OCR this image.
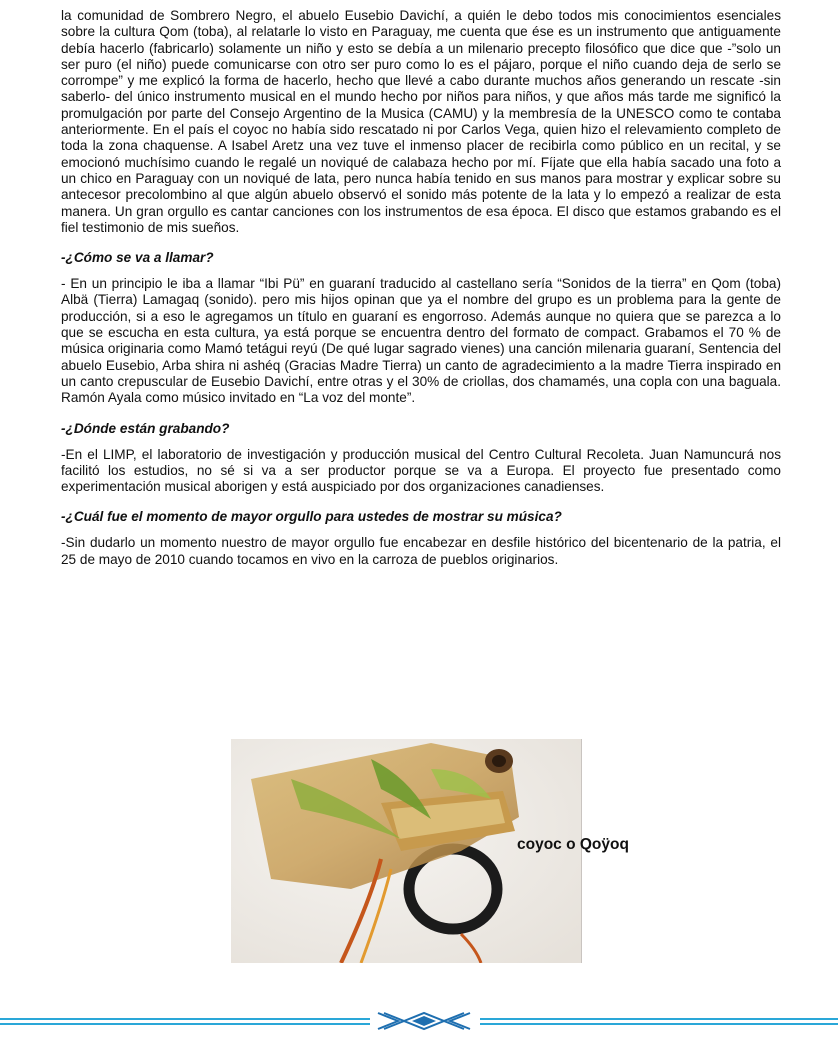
la comunidad de Sombrero Negro, el abuelo Eusebio Davichí, a quién le debo todos mis conocimientos esenciales sobre la cultura Qom (toba), al relatarle lo visto en Paraguay, me cuenta que ése es un instrumento que antiguamente debía hacerlo (fabricarlo) solamente un niño y esto se debía a un milenario precepto filosófico que dice que -”solo un ser puro (el niño) puede comunicarse con otro ser puro como lo es el pájaro, porque el niño cuando deja de serlo se corrompe” y me explicó la forma de hacerlo, hecho que llevé a cabo durante muchos años generando un rescate -sin saberlo- del único instrumento musical en el mundo hecho por niños para niños, y que años más tarde me significó la promulgación por parte del Consejo Argentino de la Musica (CAMU) y la membresía de la UNESCO como te contaba anteriormente. En el país el coyoc no había sido rescatado ni por Carlos Vega, quien hizo el relevamiento completo de toda la zona chaquense. A Isabel Aretz una vez tuve el inmenso placer de recibirla como público en un recital, y se emocionó muchísimo cuando le regalé un noviqué de calabaza hecho por mí. Fíjate que ella había sacado una foto a un chico en Paraguay con un noviqué de lata, pero nunca había tenido en sus manos para mostrar y explicar sobre su antecesor precolombino al que algún abuelo observó el sonido más potente de la lata y lo empezó a realizar de esta manera. Un gran orgullo es cantar canciones con los instrumentos de esa época. El disco que estamos grabando es el fiel testimonio de mis sueños.

-¿Cómo se va a llamar?

- En un principio le iba a llamar “Ibi Pü” en guaraní traducido al castellano sería “Sonidos de la tierra” en Qom (toba) Albä (Tierra) Lamagaq (sonido). pero mis hijos opinan que ya el nombre del grupo es un problema para la gente de producción, si a eso le agregamos un título en guaraní es engorroso. Además aunque no quiera que se parezca a lo que se escucha en esta cultura, ya está porque se encuentra dentro del formato de compact. Grabamos el 70 % de música originaria como Mamó tetágui reyú (De qué lugar sagrado vienes) una canción milenaria guaraní, Sentencia del abuelo Eusebio, Arba shira ni ashéq (Gracias Madre Tierra) un canto de agradecimiento a la madre Tierra inspirado en un canto crepuscular de Eusebio Davichí, entre otras y el 30% de criollas, dos chamamés, una copla con una baguala. Ramón Ayala como músico invitado en “La voz del monte”.

-¿Dónde están grabando?

-En el LIMP, el laboratorio de investigación y producción musical del Centro Cultural Recoleta. Juan Namuncurá nos facilitó los estudios, no sé si va a ser productor porque se va a Europa. El proyecto fue presentado como experimentación musical aborigen y está auspiciado por dos organizaciones canadienses.

-¿Cuál fue el momento de mayor orgullo para ustedes de mostrar su música?

-Sin dudarlo un momento nuestro de mayor orgullo fue encabezar en desfile histórico del bicentenario de la patria, el 25 de mayo de 2010 cuando tocamos en vivo en la carroza de pueblos originarios.

coyoc o Qoÿoq
